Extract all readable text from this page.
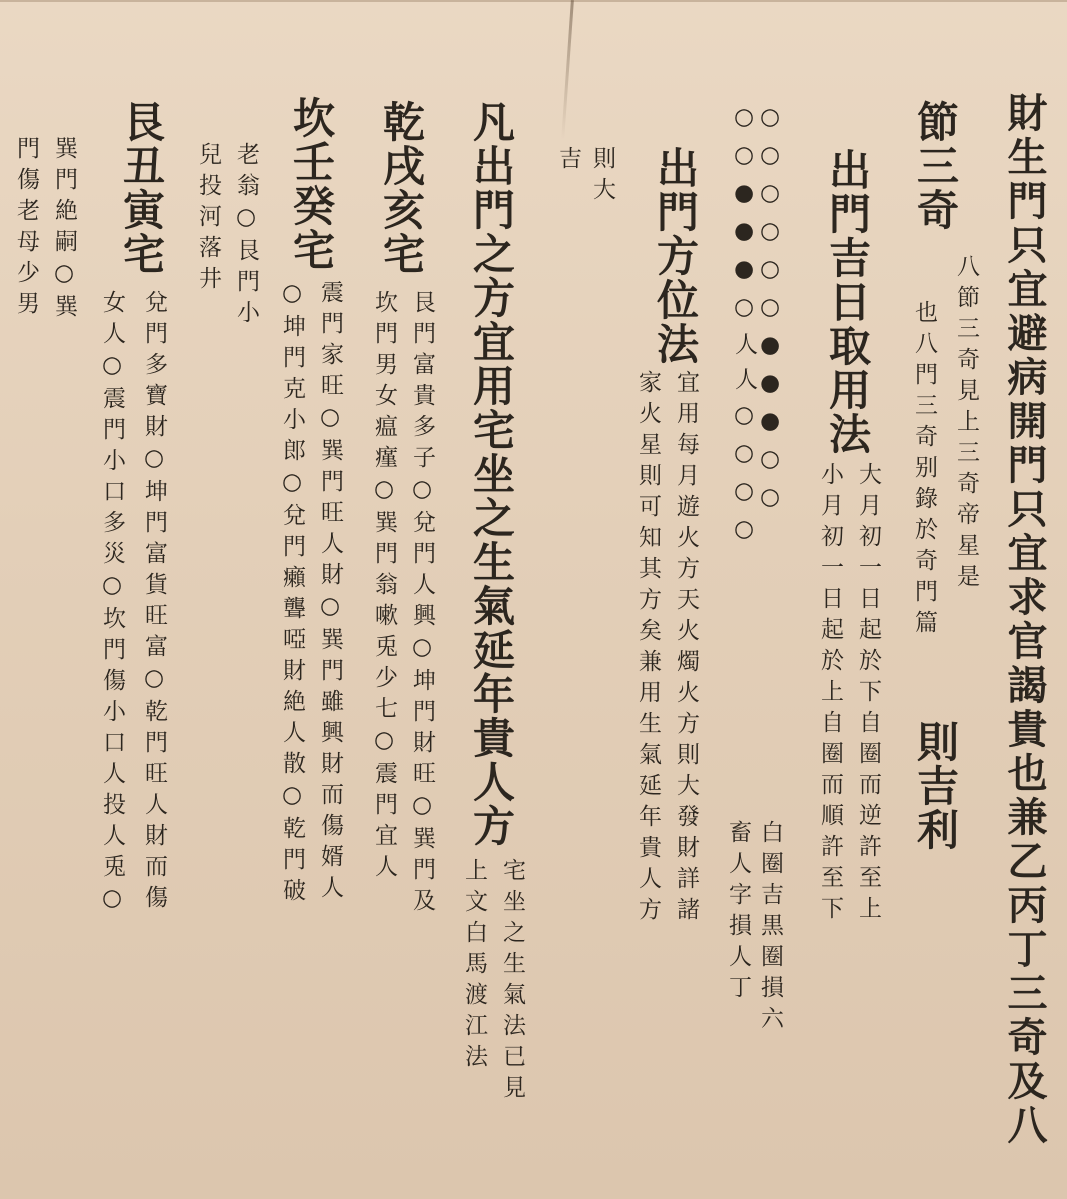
財生門只宜避病開門只宜求官謁貴也兼乙丙丁三奇及八
節三奇
八節三奇見上三奇帝星是
也八門三奇别錄於奇門篇
則吉利
出門吉日取用法
大月初一日起於下自圈而逆許至上
小月初一日起於上自圈而順許至下
○○○○○○●●●○○
○○●●●○人人○○○○
白圈吉黒圈損六
畜人字損人丁
出門方位法
宜用每月遊火方天火燭火方則大發財詳諸
家火星則可知其方矣兼用生氣延年貴人方
則大
吉
凡出門之方宜用宅坐之生氣延年貴人方
宅坐之生氣法已見
上文白馬渡江法
乾戌亥宅
艮門富貴多子○兌門人興○坤門財旺○巽門及
坎門男女瘟瘽○巽門翁嗽兎少七○震門宜人
坎壬癸宅
震門家旺○巽門旺人財○巽門雖興財而傷婿人
○坤門克小郎○兌門癩聾啞財絶人散○乾門破
老翁○艮門小
兒投河落井
艮丑寅宅
兌門多寶財○坤門富貨旺富○乾門旺人財而傷
女人○震門小口多災○坎門傷小口人投人兎○
巽門絶嗣○巽
門傷老母少男
